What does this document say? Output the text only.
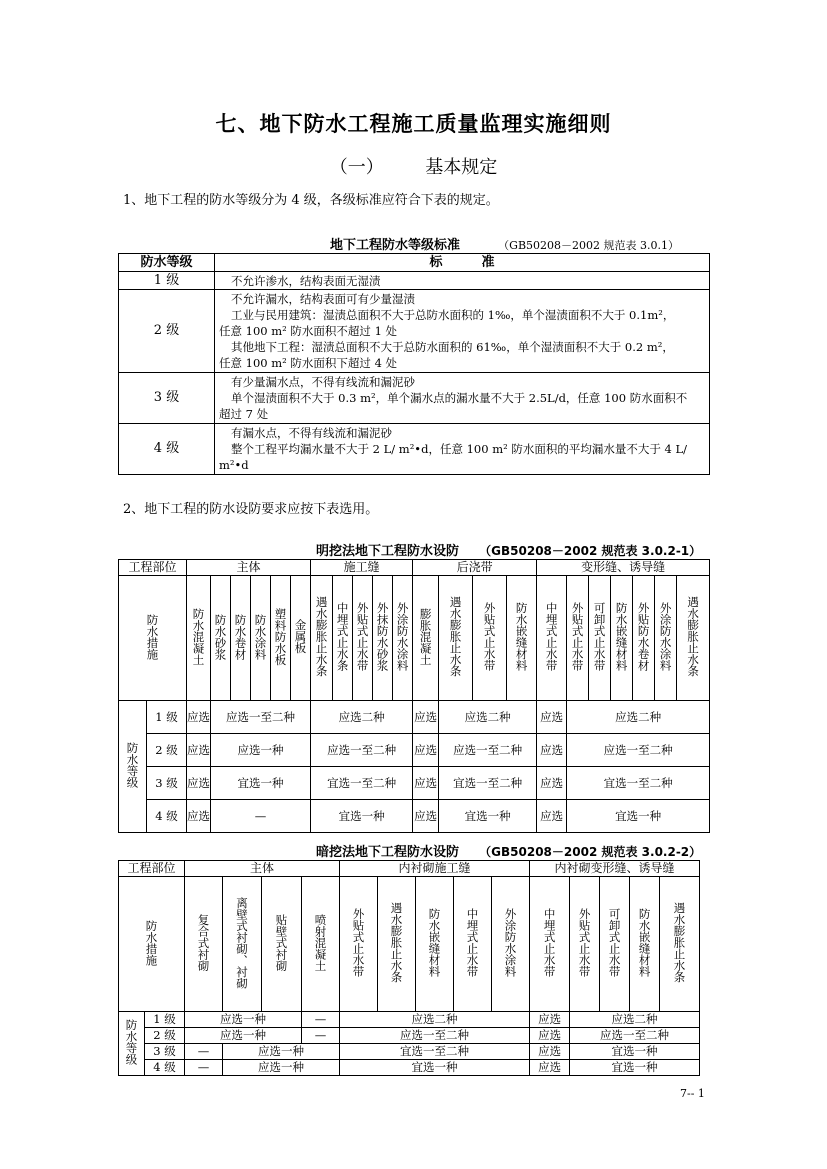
七、地下防水工程施工质量监理实施细则
（一） 基本规定
1、地下工程的防水等级分为 4 级，各级标准应符合下表的规定。
地下工程防水等级标准	（GB50208－2002 规范表 3.0.1）
防水等级	标　　　准
1 级	不允许渗水，结构表面无湿渍

2 级	不允许漏水，结构表面可有少量湿渍
工业与民用建筑：湿渍总面积不大于总防水面积的 1‰，单个湿渍面积不大于 0.1m²，
任意 100 m² 防水面积不超过 1 处
其他地下工程：湿渍总面积不大于总防水面积的 61‰，单个湿渍面积不大于 0.2 m²，
任意 100 m² 防水面积下超过 4 处

3 级	有少量漏水点，不得有线流和漏泥砂
单个湿渍面积不大于 0.3 m²，单个漏水点的漏水量不大于 2.5L/d，任意 100 防水面积不
超过 7 处

4 级	有漏水点，不得有线流和漏泥砂
整个工程平均漏水量不大于 2 L/ m²•d，任意 100 m² 防水面积的平均漏水量不大于 4 L/
m²•d
2、地下工程的防水设防要求应按下表选用。
明挖法地下工程防水设防 （GB50208－2002 规范表 3.0.2-1）
工程部位		主体						施工缝					后浇带				变形缝、诱导缝						
防水措施		防水混凝土	防水砂浆	防水卷材	防水涂料	塑料防水板	金属板	遇水膨胀止水条	中埋式止水条	外贴式止水带	外抹防水砂浆	外涂防水涂料	膨胀混凝土	遇水膨胀止水条	外贴式止水带	防水嵌缝材料	中埋式止水带	外贴式止水带	可卸式止水带	防水嵌缝材料	外贴防水卷材	外涂防水涂料	遇水膨胀止水条
防水等级	1 级	应选	应选一至二种					应选二种					应选	应选二种			应选	应选二种					
	2 级	应选	应选一种					应选一至二种					应选	应选一至二种			应选	应选一至二种					
	3 级	应选	宜选一种					宜选一至二种					应选	宜选一至二种			应选	宜选一至二种					
	4 级	应选	—					宜选一种					应选	宜选一种			应选	宜选一种					
暗挖法地下工程防水设防 （GB50208－2002 规范表 3.0.2-2）
工程部位		主体				内衬砌施工缝					内衬砌变形缝、诱导缝				
防水措施		复合式衬砌	离壁式衬砌、衬砌	贴壁式衬砌	喷射混凝土	外贴式止水带	遇水膨胀止水条	防水嵌缝材料	中埋式止水带	外涂防水涂料	中埋式止水带	外贴式止水带	可卸式止水带	防水嵌缝材料	遇水膨胀止水条
防水等级	1 级	应选一种			—	应选二种					应选	应选二种			
	2 级	应选一种			—	应选一至二种					应选	应选一至二种			
	3 级	—	应选一种			宜选一至二种					应选	宜选一种			
	4 级	—	应选一种			宜选一种					应选	宜选一种			
7-- 1
